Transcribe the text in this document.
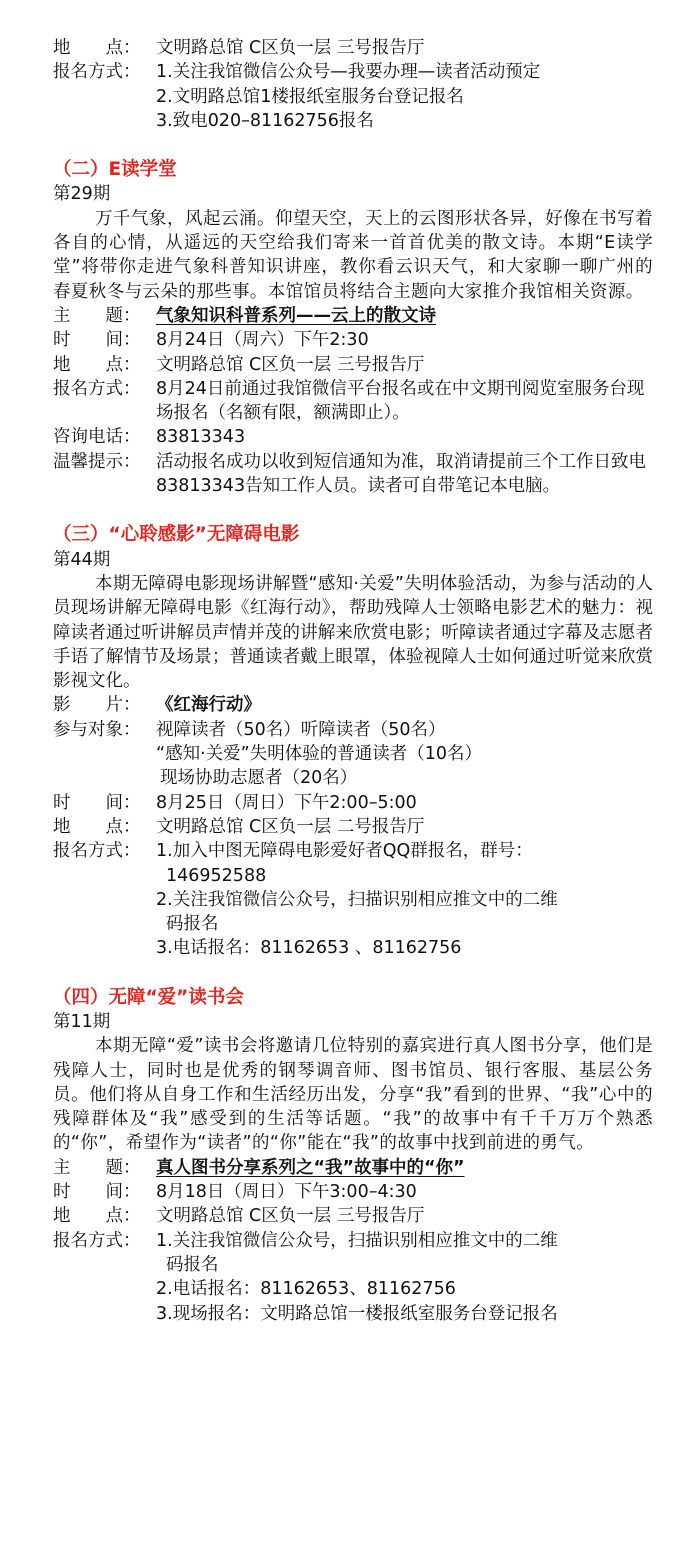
地　　点： 文明路总馆 C区负一层 三号报告厅
报名方式： 1.关注我馆微信公众号—我要办理—读者活动预定
2.文明路总馆1楼报纸室服务台登记报名
3.致电020–81162756报名
（二）E读学堂
第29期
万千气象，风起云涌。仰望天空，天上的云图形状各异，好像在书写着各自的心情，从遥远的天空给我们寄来一首首优美的散文诗。本期“E读学堂”将带你走进气象科普知识讲座，教你看云识天气，和大家聊一聊广州的春夏秋冬与云朵的那些事。本馆馆员将结合主题向大家推介我馆相关资源。
主　　题： 气象知识科普系列——云上的散文诗
时　　间： 8月24日（周六）下午2:30
地　　点： 文明路总馆 C区负一层 三号报告厅
报名方式： 8月24日前通过我馆微信平台报名或在中文期刊阅览室服务台现场报名（名额有限，额满即止）。
咨询电话： 83813343
温馨提示： 活动报名成功以收到短信通知为准，取消请提前三个工作日致电83813343告知工作人员。读者可自带笔记本电脑。
（三）“心聆感影”无障碍电影
第44期
本期无障碍电影现场讲解暨“感知·关爱”失明体验活动，为参与活动的人员现场讲解无障碍电影《红海行动》，帮助残障人士领略电影艺术的魅力：视障读者通过听讲解员声情并茂的讲解来欣赏电影；听障读者通过字幕及志愿者手语了解情节及场景；普通读者戴上眼罩，体验视障人士如何通过听觉来欣赏影视文化。
影　　片： 《红海行动》
参与对象： 视障读者（50名）听障读者（50名）
“感知·关爱”失明体验的普通读者（10名）
现场协助志愿者（20名）
时　　间： 8月25日（周日）下午2:00–5:00
地　　点： 文明路总馆 C区负一层 二号报告厅
报名方式： 1.加入中图无障碍电影爱好者QQ群报名，群号：
146952588
2.关注我馆微信公众号，扫描识别相应推文中的二维
码报名
3.电话报名：81162653 、81162756
（四）无障“爱”读书会
第11期
本期无障“爱”读书会将邀请几位特别的嘉宾进行真人图书分享，他们是残障人士，同时也是优秀的钢琴调音师、图书馆员、银行客服、基层公务员。他们将从自身工作和生活经历出发，分享“我”看到的世界、“我”心中的残障群体及“我”感受到的生活等话题。“我”的故事中有千千万万个熟悉的“你”，希望作为“读者”的“你”能在“我”的故事中找到前进的勇气。
主　　题： 真人图书分享系列之“我”故事中的“你”
时　　间： 8月18日（周日）下午3:00–4:30
地　　点： 文明路总馆 C区负一层 三号报告厅
报名方式： 1.关注我馆微信公众号，扫描识别相应推文中的二维
码报名
2.电话报名：81162653、81162756
3.现场报名：文明路总馆一楼报纸室服务台登记报名
